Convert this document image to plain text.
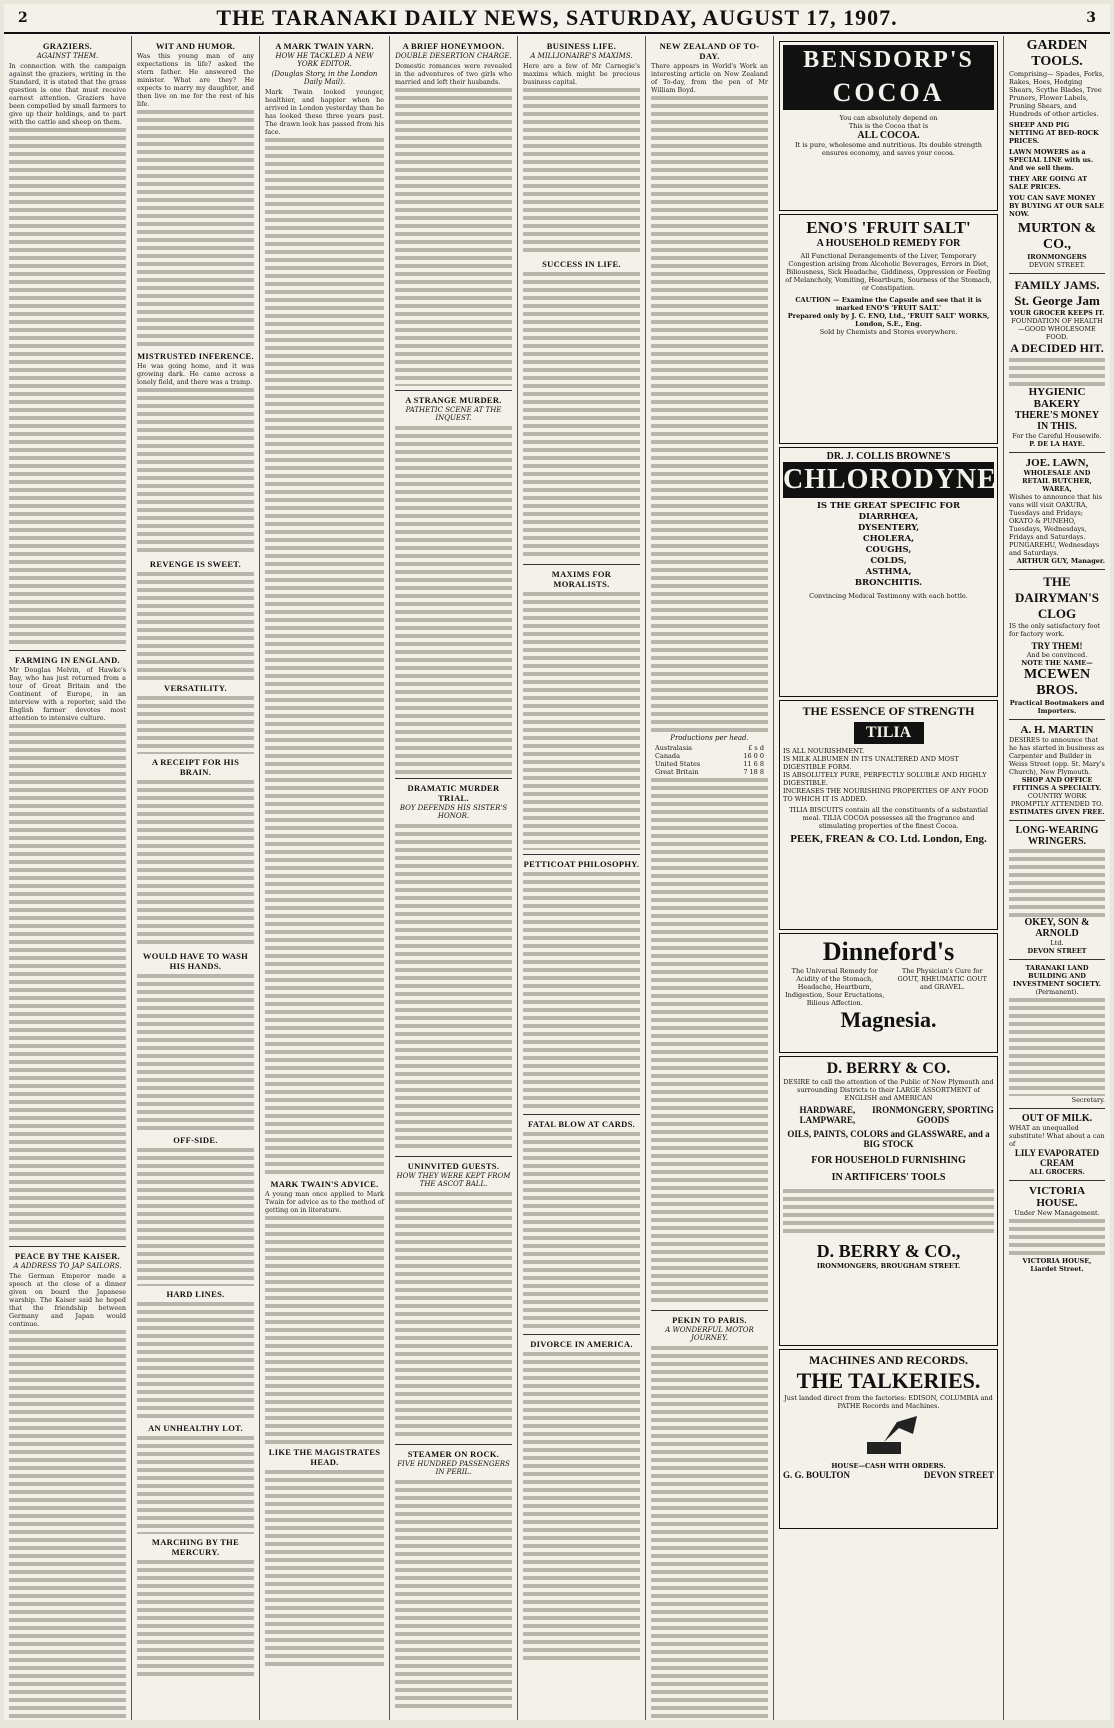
2	THE TARANAKI DAILY NEWS, SATURDAY, AUGUST 17, 1907.	3
GRAZIERS.
AGAINST THEM.
In connection with the campaign against the graziers, writing in the Standard, it is stated that the grass question is one that must receive earnest attention. Graziers have been compelled by small farmers to give up their holdings, and to part with the cattle and sheep on them.
FARMING IN ENGLAND.
Mr Douglas Melvin, of Hawke's Bay, who has just returned from a tour of Great Britain and the Continent of Europe, in an interview with a reporter, said the English farmer devotes most attention to intensive culture.
PEACE BY THE KAISER.
A ADDRESS TO JAP SAILORS.
The German Emperor made a speech at the close of a dinner given on board the Japanese warship. The Kaiser said he hoped that the friendship between Germany and Japan would continue.
WIT AND HUMOR.
Was this young man of any expectations in life? asked the stern father. He answered the minister. What are they? He expects to marry my daughter, and then live on me for the rest of his life.
MISTRUSTED INFERENCE.
He was going home, and it was growing dark. He came across a lonely field, and there was a tramp.
REVENGE IS SWEET.
VERSATILITY.
A RECEIPT FOR HIS BRAIN.
WOULD HAVE TO WASH HIS HANDS.
OFF-SIDE.
HARD LINES.
AN UNHEALTHY LOT.
MARCHING BY THE MERCURY.
A MARK TWAIN YARN.
HOW HE TACKLED A NEW YORK EDITOR.
(Douglas Story, in the London Daily Mail).
Mark Twain looked younger, healthier, and happier when he arrived in London yesterday than he has looked these three years past. The drawn look has passed from his face.
MARK TWAIN'S ADVICE.
A young man once applied to Mark Twain for advice as to the method of getting on in literature.
LIKE THE MAGISTRATES HEAD.
A BRIEF HONEYMOON.
DOUBLE DESERTION CHARGE.
Domestic romances were revealed in the adventures of two girls who married and left their husbands.
A STRANGE MURDER.
PATHETIC SCENE AT THE INQUEST.
DRAMATIC MURDER TRIAL.
BOY DEFENDS HIS SISTER'S HONOR.
UNINVITED GUESTS.
HOW THEY WERE KEPT FROM THE ASCOT BALL.
STEAMER ON ROCK.
FIVE HUNDRED PASSENGERS IN PERIL.
BUSINESS LIFE.
A MILLIONAIRE'S MAXIMS.
Here are a few of Mr Carnegie's maxims which might be precious business capital.
SUCCESS IN LIFE.
MAXIMS FOR MORALISTS.
PETTICOAT PHILOSOPHY.
FATAL BLOW AT CARDS.
DIVORCE IN AMERICA.
NEW ZEALAND OF TO-DAY.
There appears in World's Work an interesting article on New Zealand of To-day, from the pen of Mr William Boyd.
Productions per head.
Australasia	£ s d
Canada	16 0 0
United States	11 6 8
Great Britain	7 18 8
PEKIN TO PARIS.
A WONDERFUL MOTOR JOURNEY.
BENSDORP'S
COCOA
You can absolutely depend on
This is the Cocoa that is
ALL COCOA.
It is pure, wholesome and nutritious. Its double strength ensures economy, and saves your cocoa.
ENO'S 'FRUIT SALT'
A HOUSEHOLD REMEDY FOR
All Functional Derangements of the Liver, Temporary Congestion arising from Alcoholic Beverages, Errors in Diet, Biliousness, Sick Headache, Giddiness, Oppression or Feeling of Melancholy, Vomiting, Heartburn, Sourness of the Stomach, or Constipation.
CAUTION — Examine the Capsule and see that it is marked ENO'S 'FRUIT SALT.'
Prepared only by J. C. ENO, Ltd., 'FRUIT SALT' WORKS, London, S.E., Eng.
Sold by Chemists and Stores everywhere.
DR. J. COLLIS BROWNE'S
CHLORODYNE
IS THE GREAT SPECIFIC FOR
DIARRHŒA,
DYSENTERY,
CHOLERA,
COUGHS,
COLDS,
ASTHMA,
BRONCHITIS.
Convincing Medical Testimony with each bottle.
THE ESSENCE OF STRENGTH
TILIA
IS ALL NOURISHMENT.
IS MILK ALBUMEN IN ITS UNALTERED AND MOST DIGESTIBLE FORM.
IS ABSOLUTELY PURE, PERFECTLY SOLUBLE AND HIGHLY DIGESTIBLE.
INCREASES THE NOURISHING PROPERTIES OF ANY FOOD TO WHICH IT IS ADDED.
TILIA BISCUITS contain all the constituents of a substantial meal. TILIA COCOA possesses all the fragrance and stimulating properties of the finest Cocoa.
PEEK, FREAN & CO. Ltd. London, Eng.
Dinneford's
The Universal Remedy for Acidity of the Stomach, Headache, Heartburn, Indigestion, Sour Eructations, Bilious Affection.
The Physician's Cure for GOUT, RHEUMATIC GOUT and GRAVEL.
Magnesia.
D. BERRY & CO.
DESIRE to call the attention of the Public of New Plymouth and surrounding Districts to their LARGE ASSORTMENT of ENGLISH and AMERICAN
HARDWARE, LAMPWARE,
IRONMONGERY, SPORTING GOODS
OILS, PAINTS, COLORS and GLASSWARE, and a BIG STOCK
FOR HOUSEHOLD FURNISHING
IN ARTIFICERS' TOOLS
D. BERRY & CO.,
IRONMONGERS, BROUGHAM STREET.
MACHINES AND RECORDS.
THE TALKERIES.
Just landed direct from the factories: EDISON, COLUMBIA and PATHE Records and Machines.
HOUSE—CASH WITH ORDERS.
G. G. BOULTON	DEVON STREET
GARDEN TOOLS.
Comprising— Spades, Forks, Rakes, Hoes, Hedging Shears, Scythe Blades, Tree Pruners, Flower Labels, Pruning Shears, and Hundreds of other articles.
SHEEP AND PIG NETTING AT BED-ROCK PRICES.
LAWN MOWERS as a SPECIAL LINE with us. And we sell them.
THEY ARE GOING AT SALE PRICES.
YOU CAN SAVE MONEY BY BUYING AT OUR SALE NOW.
MURTON & CO.,
IRONMONGERS
DEVON STREET.
FAMILY JAMS.
St. George Jam
YOUR GROCER KEEPS IT.
FOUNDATION OF HEALTH—GOOD WHOLESOME FOOD.
A DECIDED HIT.
HYGIENIC BAKERY
THERE'S MONEY IN THIS.
For the Careful Housewife.
P. DE LA HAYE.
JOE. LAWN,
WHOLESALE AND RETAIL BUTCHER, WAREA,
Wishes to announce that his vans will visit OAKURA, Tuesdays and Fridays; OKATO & PUNEHO, Tuesdays, Wednesdays, Fridays and Saturdays. PUNGAREHU, Wednesdays and Saturdays.
ARTHUR GUY, Manager.
THE DAIRYMAN'S CLOG
IS the only satisfactory foot for factory work.
TRY THEM!
And be convinced.
NOTE THE NAME—
MCEWEN BROS.
Practical Bootmakers and Importers.
A. H. MARTIN
DESIRES to announce that he has started in business as Carpenter and Builder in Weiss Street (opp. St. Mary's Church), New Plymouth.
SHOP AND OFFICE FITTINGS A SPECIALTY.
COUNTRY WORK PROMPTLY ATTENDED TO.
ESTIMATES GIVEN FREE.
LONG-WEARING WRINGERS.
OKEY, SON & ARNOLD
Ltd.
DEVON STREET
TARANAKI LAND BUILDING AND INVESTMENT SOCIETY.
(Permanent).
Secretary.
OUT OF MILK.
WHAT an unequalled substitute! What about a can of
LILY EVAPORATED CREAM
ALL GROCERS.
VICTORIA HOUSE.
Under New Management.
VICTORIA HOUSE, Liardet Street.
